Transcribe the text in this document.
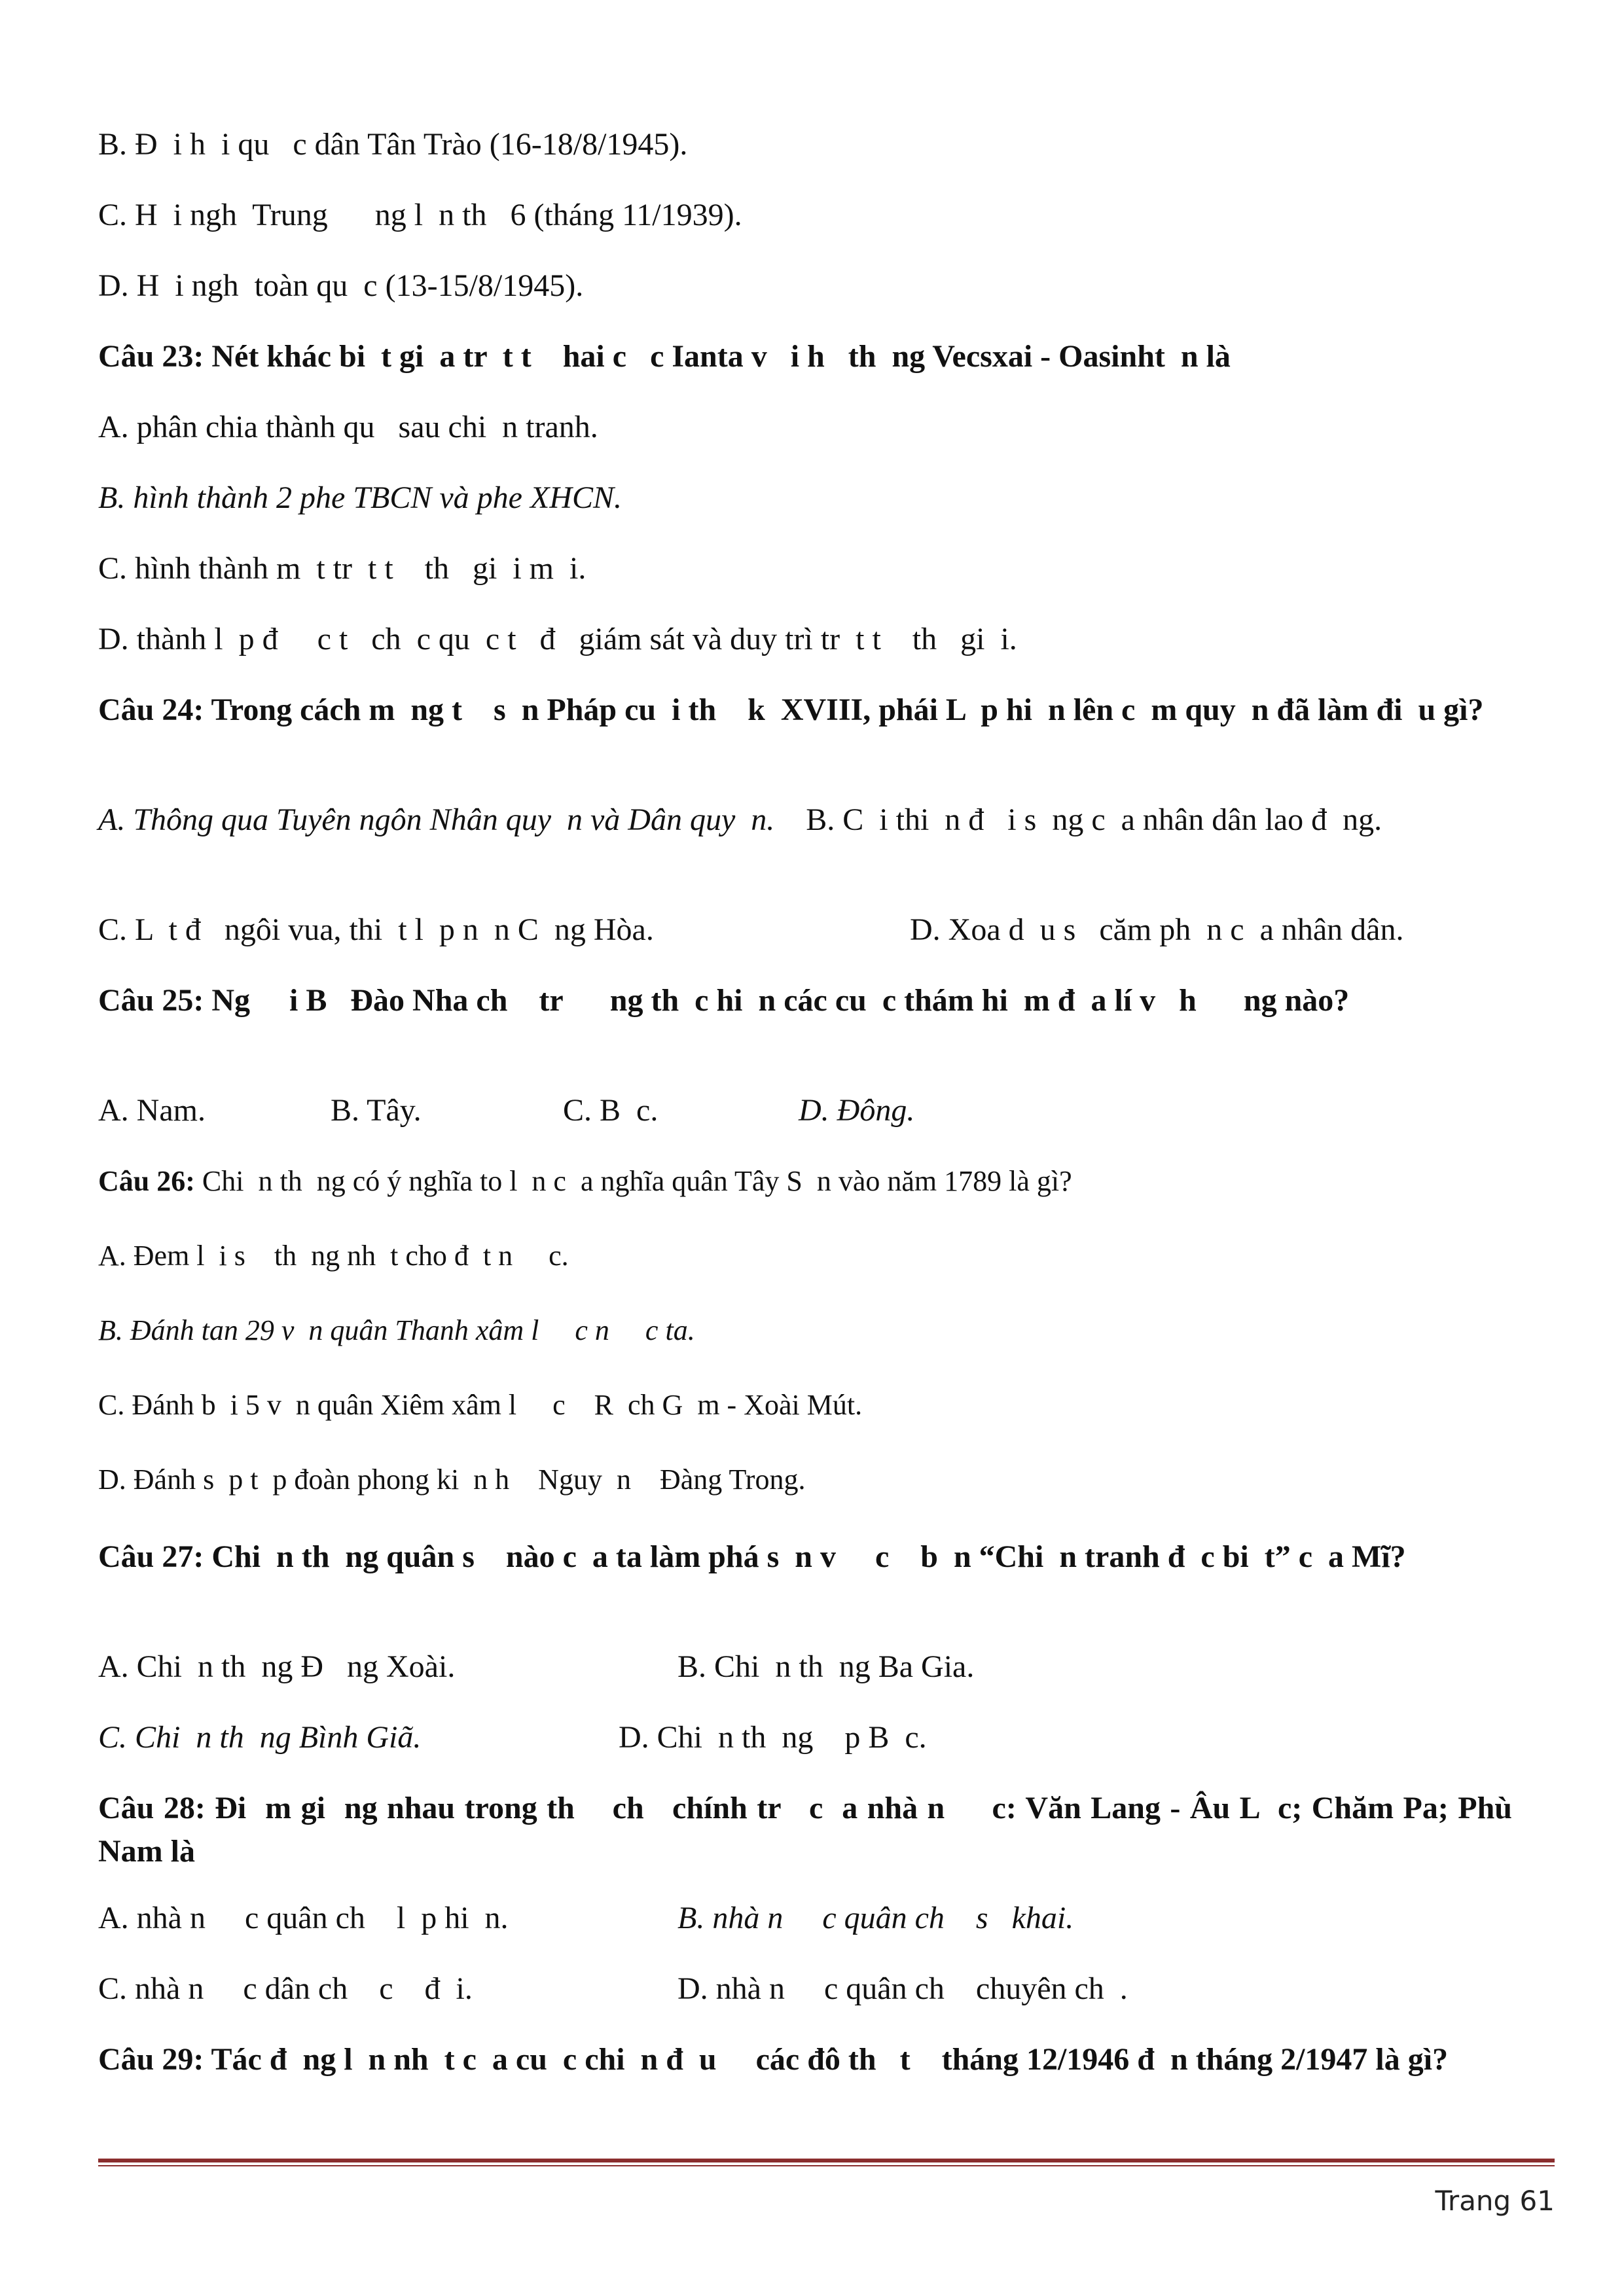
B. Đ  i h  i qu   c dân Tân Trào (16-18/8/1945).
C. H  i ngh  Trung      ng l  n th   6 (tháng 11/1939).
D. H  i ngh  toàn qu  c (13-15/8/1945).
Câu 23: Nét khác bi  t gi  a tr  t t    hai c   c Ianta v   i h   th  ng Vecsxai - Oasinht  n là
A. phân chia thành qu   sau chi  n tranh.
B. hình thành 2 phe TBCN và phe XHCN.
C. hình thành m  t tr  t t    th   gi  i m  i.
D. thành l  p đ     c t   ch  c qu  c t   đ   giám sát và duy trì tr  t t    th   gi  i.
Câu 24: Trong cách m  ng t    s  n Pháp cu  i th    k  XVIII, phái L  p hi  n lên c  m quy  n đã làm đi  u gì?
A. Thông qua Tuyên ngôn Nhân quy  n và Dân quy  n. B. C  i thi  n đ   i s  ng c  a nhân dân lao đ  ng.
C. L  t đ   ngôi vua, thi  t l  p n  n C  ng Hòa.	D. Xoa d  u s   căm ph  n c  a nhân dân.
Câu 25: Ng     i B   Đào Nha ch    tr      ng th  c hi  n các cu  c thám hi  m đ  a lí v   h      ng nào?
A. Nam.	B. Tây.	C. B  c.	D. Đông.
Câu 26: Chi  n th  ng có ý nghĩa to l  n c  a nghĩa quân Tây S  n vào năm 1789 là gì?
A. Đem l  i s    th  ng nh  t cho đ  t n     c.
B. Đánh tan 29 v  n quân Thanh xâm l     c n     c ta.
C. Đánh b  i 5 v  n quân Xiêm xâm l     c    R  ch G  m - Xoài Mút.
D. Đánh s  p t  p đoàn phong ki  n h    Nguy  n    Đàng Trong.
Câu 27: Chi  n th  ng quân s    nào c  a ta làm phá s  n v     c    b  n “Chi  n tranh đ  c bi  t” c  a Mĩ?
A. Chi  n th  ng Đ   ng Xoài.	B. Chi  n th  ng Ba Gia.
C. Chi  n th  ng Bình Giã.	D. Chi  n th  ng    p B  c.
Câu 28: Đi  m gi  ng nhau trong th    ch   chính tr   c  a nhà n     c: Văn Lang - Âu L  c; Chăm Pa; Phù Nam là
A. nhà n     c quân ch    l  p hi  n.	B. nhà n     c quân ch    s   khai.
C. nhà n     c dân ch    c    đ  i.	D. nhà n     c quân ch    chuyên ch  .
Câu 29: Tác đ  ng l  n nh  t c  a cu  c chi  n đ  u     các đô th   t    tháng 12/1946 đ  n tháng 2/1947 là gì?
Trang 61
